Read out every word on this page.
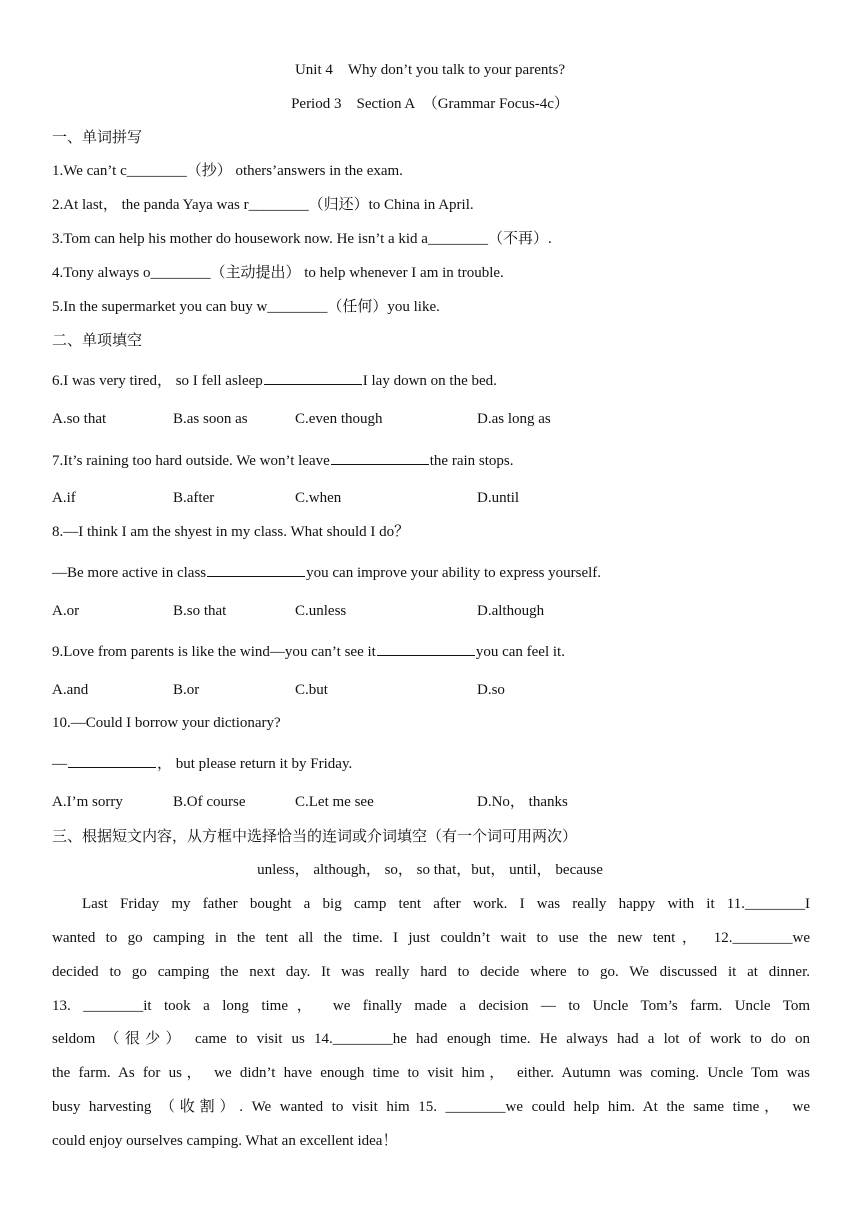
Unit 4    Why don’t you talk to your parents?
Period 3    Section A  （Grammar Focus-4c）
一、单词拼写
1.We can’t c________（抄） others’answers in the exam.
2.At last， the panda Yaya was r________（归还）to China in April.
3.Tom can help his mother do housework now. He isn’t a kid a________（不再）.
4.Tony always o________（主动提出） to help whenever I am in trouble.
5.In the supermarket you can buy w________（任何）you like.
二、单项填空
6.I was very tired， so I fell asleep	I lay down on the bed.
A.so that	B.as soon as	C.even though	D.as long as
7.It’s raining too hard outside. We won’t leave	the rain stops.
A.if	B.after	C.when	D.until
8.—I think I am the shyest in my class. What should I do？
—Be more active in class	you can improve your ability to express yourself.
A.or	B.so that	C.unless	D.although
9.Love from parents is like the wind—you can’t see it	you can feel it.
A.and	B.or	C.but	D.so
10.—Could I borrow your dictionary?
—	， but please return it by Friday.
A.I’m sorry	B.Of course	C.Let me see	D.No， thanks
三、根据短文内容，从方框中选择恰当的连词或介词填空（有一个词可用两次）
unless， although， so， so that，but， until， because
Last Friday my father bought a big camp tent after work. I was really happy with it 11.________I
wanted to go camping in the tent all the time. I just couldn’t wait to use the new tent， 12.________we
decided to go camping the next day. It was really hard to decide where to go. We discussed it at dinner.
13. ________it took a long time， we finally made a decision — to Uncle Tom’s farm. Uncle Tom
seldom （很少） came to visit us 14.________he had enough time. He always had a lot of work to do on
the farm. As for us， we didn’t have enough time to visit him， either. Autumn was coming. Uncle Tom was
busy harvesting （收割）. We wanted to visit him 15. ________we could help him. At the same time， we
could enjoy ourselves camping. What an excellent idea！
